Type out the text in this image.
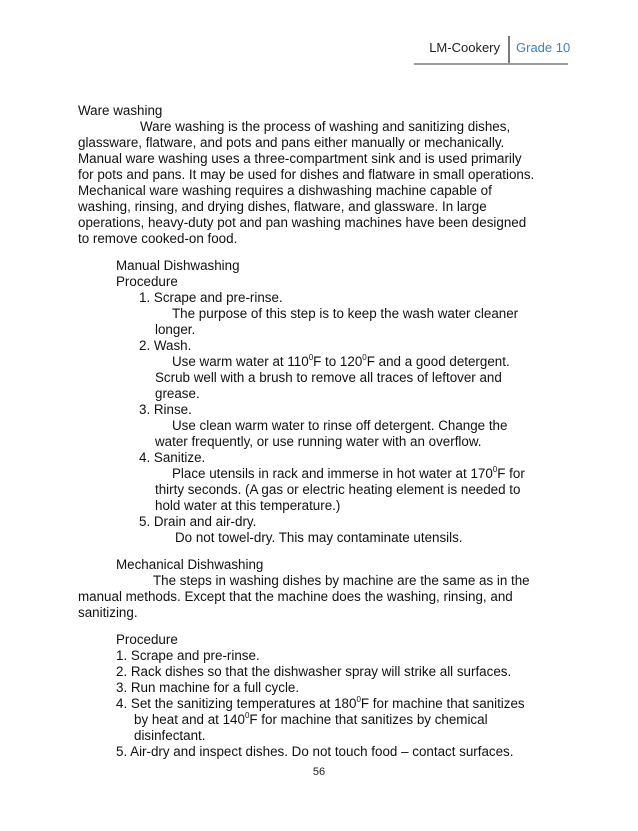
LM-Cookery Grade 10
Ware washing
Ware washing is the process of washing and sanitizing dishes,
glassware, flatware, and pots and pans either manually or mechanically.
Manual ware washing uses a three-compartment sink and is used primarily
for pots and pans. It may be used for dishes and flatware in small operations.
Mechanical ware washing requires a dishwashing machine capable of
washing, rinsing, and drying dishes, flatware, and glassware. In large
operations, heavy-duty pot and pan washing machines have been designed
to remove cooked-on food.
Manual Dishwashing
Procedure
1. Scrape and pre-rinse.
The purpose of this step is to keep the wash water cleaner
longer.
2. Wash.
Use warm water at $110^0F$ to $120^0F$ and a good detergent.
Scrub well with a brush to remove all traces of leftover and
grease.
3. Rinse.
Use clean warm water to rinse off detergent. Change the
water frequently, or use running water with an overflow.
4. Sanitize.
Place utensils in rack and immerse in hot water at $170^0F$ for
thirty seconds. (A gas or electric heating element is needed to
hold water at this temperature.)
5. Drain and air-dry.
Do not towel-dry. This may contaminate utensils.
Mechanical Dishwashing
The steps in washing dishes by machine are the same as in the
manual methods. Except that the machine does the washing, rinsing, and
sanitizing.
Procedure
1. Scrape and pre-rinse.
2. Rack dishes so that the dishwasher spray will strike all surfaces.
3. Run machine for a full cycle.
4. Set the sanitizing temperatures at $180^0F$ for machine that sanitizes
by heat and at $140^0F$ for machine that sanitizes by chemical
disinfectant.
5. Air-dry and inspect dishes. Do not touch food – contact surfaces.
56
